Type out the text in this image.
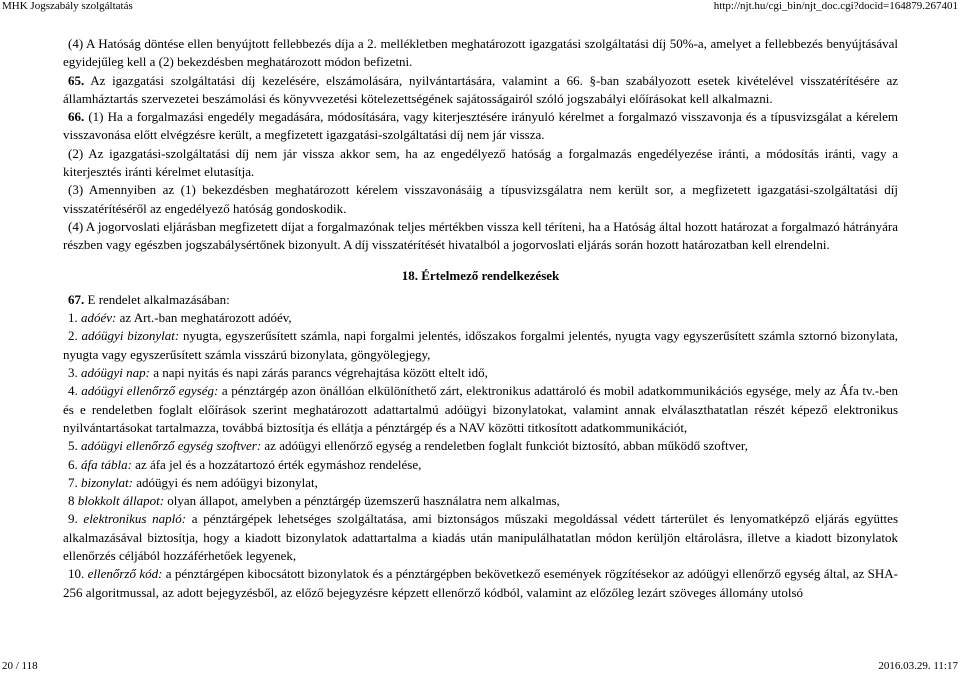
MHK Jogszabály szolgáltatás	http://njt.hu/cgi_bin/njt_doc.cgi?docid=164879.267401

(4) A Hatóság döntése ellen benyújtott fellebbezés díja a 2. mellékletben meghatározott igazgatási szolgáltatási díj 50%-a, amelyet a fellebbezés benyújtásával egyidejűleg kell a (2) bekezdésben meghatározott módon befizetni.

65. Az igazgatási szolgáltatási díj kezelésére, elszámolására, nyilvántartására, valamint a 66. §-ban szabályozott esetek kivételével visszatérítésére az államháztartás szervezetei beszámolási és könyvvezetési kötelezettségének sajátosságairól szóló jogszabályi előírásokat kell alkalmazni.

66. (1) Ha a forgalmazási engedély megadására, módosítására, vagy kiterjesztésére irányuló kérelmet a forgalmazó visszavonja és a típusvizsgálat a kérelem visszavonása előtt elvégzésre került, a megfizetett igazgatási-szolgáltatási díj nem jár vissza.

(2) Az igazgatási-szolgáltatási díj nem jár vissza akkor sem, ha az engedélyező hatóság a forgalmazás engedélyezése iránti, a módosítás iránti, vagy a kiterjesztés iránti kérelmet elutasítja.

(3) Amennyiben az (1) bekezdésben meghatározott kérelem visszavonásáig a típusvizsgálatra nem került sor, a megfizetett igazgatási-szolgáltatási díj visszatérítéséről az engedélyező hatóság gondoskodik.

(4) A jogorvoslati eljárásban megfizetett díjat a forgalmazónak teljes mértékben vissza kell téríteni, ha a Hatóság által hozott határozat a forgalmazó hátrányára részben vagy egészben jogszabálysértőnek bizonyult. A díj visszatérítését hivatalból a jogorvoslati eljárás során hozott határozatban kell elrendelni.

18. Értelmező rendelkezések

67. E rendelet alkalmazásában:

1. adóév: az Art.-ban meghatározott adóév,

2. adóügyi bizonylat: nyugta, egyszerűsített számla, napi forgalmi jelentés, időszakos forgalmi jelentés, nyugta vagy egyszerűsített számla sztornó bizonylata, nyugta vagy egyszerűsített számla visszárú bizonylata, göngyölegjegy,

3. adóügyi nap: a napi nyitás és napi zárás parancs végrehajtása között eltelt idő,

4. adóügyi ellenőrző egység: a pénztárgép azon önállóan elkülöníthető zárt, elektronikus adattároló és mobil adatkommunikációs egysége, mely az Áfa tv.-ben és e rendeletben foglalt előírások szerint meghatározott adattartalmú adóügyi bizonylatokat, valamint annak elválaszthatatlan részét képező elektronikus nyilvántartásokat tartalmazza, továbbá biztosítja és ellátja a pénztárgép és a NAV közötti titkosított adatkommunikációt,

5. adóügyi ellenőrző egység szoftver: az adóügyi ellenőrző egység a rendeletben foglalt funkciót biztosító, abban működő szoftver,

6. áfa tábla: az áfa jel és a hozzátartozó érték egymáshoz rendelése,

7. bizonylat: adóügyi és nem adóügyi bizonylat,

8 blokkolt állapot: olyan állapot, amelyben a pénztárgép üzemszerű használatra nem alkalmas,

9. elektronikus napló: a pénztárgépek lehetséges szolgáltatása, ami biztonságos műszaki megoldással védett tárterület és lenyomatképző eljárás együttes alkalmazásával biztosítja, hogy a kiadott bizonylatok adattartalma a kiadás után manipulálhatatlan módon kerüljön eltárolásra, illetve a kiadott bizonylatok ellenőrzés céljából hozzáférhetőek legyenek,

10. ellenőrző kód: a pénztárgépen kibocsátott bizonylatok és a pénztárgépben bekövetkező események rögzítésekor az adóügyi ellenőrző egység által, az SHA-256 algoritmussal, az adott bejegyzésből, az előző bejegyzésre képzett ellenőrző kódból, valamint az előzőleg lezárt szöveges állomány utolsó

20 / 118	2016.03.29. 11:17
